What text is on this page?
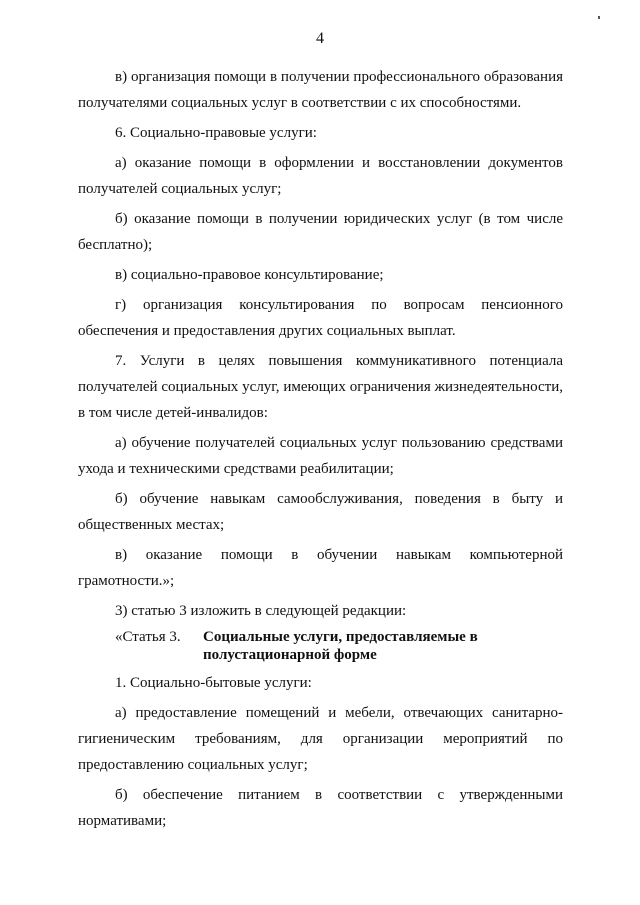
4

в) организация помощи в получении профессионального образования получателями социальных услуг в соответствии с их способностями.

6. Социально-правовые услуги:

а) оказание помощи в оформлении и восстановлении документов получателей социальных услуг;

б) оказание помощи в получении юридических услуг (в том числе бесплатно);

в) социально-правовое консультирование;

г) организация консультирования по вопросам пенсионного обеспечения и предоставления других социальных выплат.

7. Услуги в целях повышения коммуникативного потенциала получателей социальных услуг, имеющих ограничения жизнедеятельности, в том числе детей-инвалидов:

а) обучение получателей социальных услуг пользованию средствами ухода и техническими средствами реабилитации;

б) обучение навыкам самообслуживания, поведения в быту и общественных местах;

в) оказание помощи в обучении навыкам компьютерной грамотности.»;

3) статью 3 изложить в следующей редакции:

«Статья 3. Социальные услуги, предоставляемые в полустационарной форме

1. Социально-бытовые услуги:

а) предоставление помещений и мебели, отвечающих санитарно-гигиеническим требованиям, для организации мероприятий по предоставлению социальных услуг;

б) обеспечение питанием в соответствии с утвержденными нормативами;
